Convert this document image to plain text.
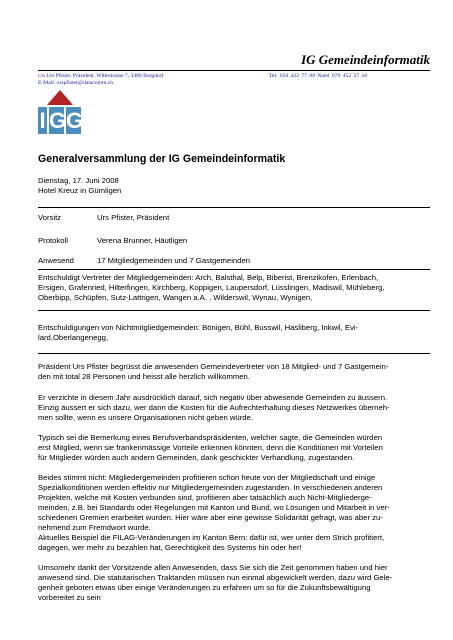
IG Gemeindeinformatik
c/o Urs Pfister, Präsident, Willestrasse 7, 3400 Burgdorf	Tel. 034 422 77 08 Natel 079 452 27 18
E-Mail: urspfister@datacomm.ch
I G G
Generalversammlung der IG Gemeindeinformatik
Dienstag, 17. Juni 2008
Hotel Kreuz in Gümligen
Vorsitz	Urs Pfister, Präsident
Protokoll	Verena Brunner, Häutligen
Anwesend	17 Mitgliedgemeinden und 7 Gastgemeinden
Entschuldigt Vertreter der Mitgliedgemeinden: Arch, Balsthal, Belp, Biberist, Brenzikofen, Erlenbach,
Ersigen, Grafenried, Hilterfingen, Kirchberg, Koppigen, Laupersdorf, Lüsslingen, Madiswil, Mühleberg,
Oberbipp, Schüpfen, Sutz-Lattrigen, Wangen a.A. , Wilderswil, Wynau, Wynigen,
Entschuldigungen von Nichtmitgliedgemeinden: Bönigen, Bühl, Busswil, Hasliberg, Inkwil, Evi-
lard,Oberlangenegg,
Präsident Urs Pfister begrüsst die anwesenden Gemeindevertreter von 18 Mitglied- und 7 Gastgemein-
den mit total 28 Personen und heisst alle herzlich willkommen.
Er verzichte in diesem Jahr ausdrücklich darauf, sich negativ über abwesende Gemeinden zu äussern.
Einzig äussert er sich dazu, wer dann die Kosten für die Aufrechterhaltung dieses Netzwerkes überneh-
men sollte, wenn es unsere Organisationen nicht geben würde.
Typisch sei die Bemerkung eines Berufsverbandspräsidenten, welcher sagte, die Gemeinden würden
erst Mitglied, wenn sie frankenmässige Vorteile erkennen könnten, denn die Konditionen mit Vorteilen
für Mitglieder würden auch andern Gemeinden, dank geschickter Verhandlung, zugestanden.
Beides stimmt nicht: Mitgliedergemeinden profitieren schon heute von der Mitgliedschaft und einige
Spezialkonditionen werden effektiv nur Mitgliedergemeinden zugestanden. In verschiedenen anderen
Projekten, welche mit Kosten verbunden sind, profitieren aber tatsächlich auch Nicht-Mitgliederge-
meinden, z.B. bei Standards oder Regelungen mit Kanton und Bund, wo Lösungen und Mitarbeit in ver-
schiedenen Gremien erarbeitet wurden. Hier wäre aber eine gewisse Solidarität gefragt, was aber zu-
nehmend zum Fremdwort wurde.
Aktuelles Beispiel die FILAG-Veränderungen im Kanton Bern: dafür ist, wer unter dem Strich profitiert,
dagegen, wer mehr zu bezahlen hat, Gerechtigkeit des Systems hin oder her!
Umsomehr dankt der Vorsitzende allen Anwesenden, dass Sie sich die Zeit genommen haben und hier
anwesend sind. Die statutarischen Traktanden müssen nun einmal abgewickelt werden, dazu wird Gele-
genheit geboten etwas über einige Veränderungen zu erfahren um so für die Zukunftsbewältigung
vorbereitet zu sein
